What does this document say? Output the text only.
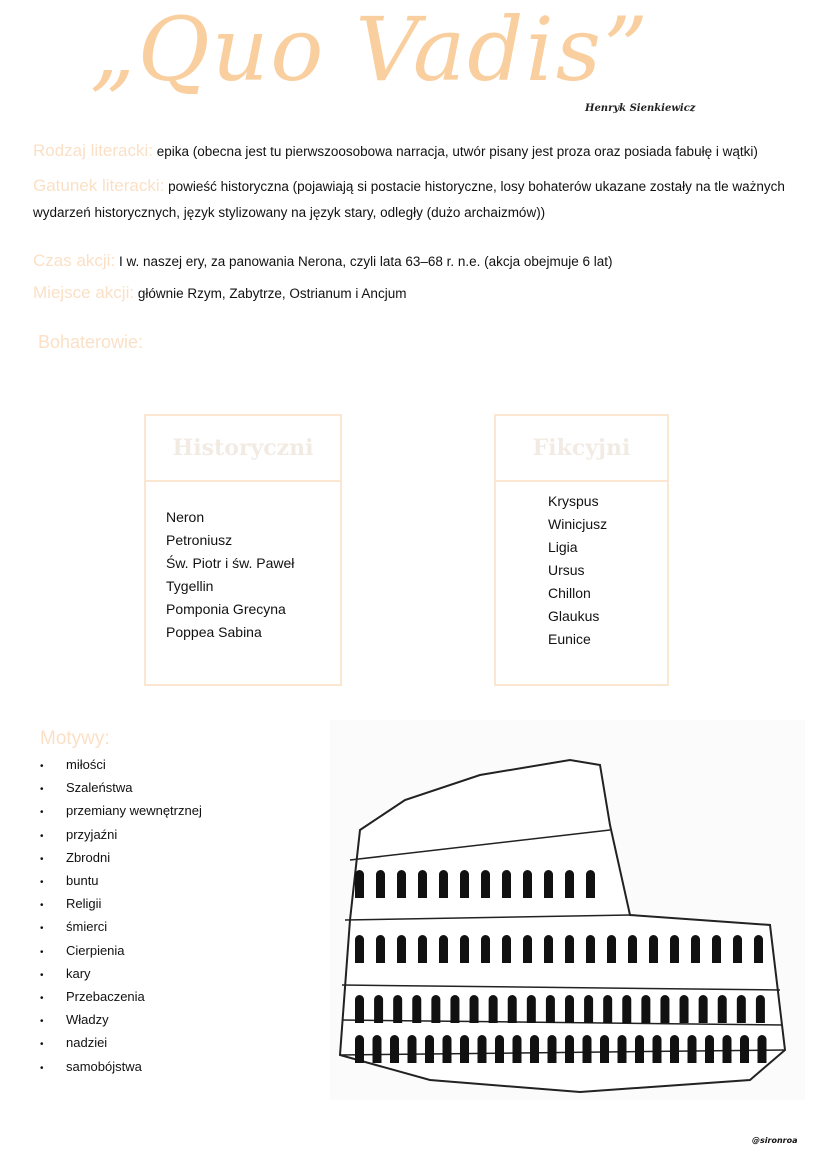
„Quo Vadis”
Henryk Sienkiewicz
Rodzaj literacki: epika (obecna jest tu pierwszoosobowa narracja, utwór pisany jest proza oraz posiada fabułę i wątki)
Gatunek literacki: powieść historyczna (pojawiają si postacie historyczne, losy bohaterów ukazane zostały na tle ważnych wydarzeń historycznych, język stylizowany na język stary, odległy (dużo archaizmów))
Czas akcji: I w. naszej ery, za panowania Nerona, czyli lata 63–68 r. n.e. (akcja obejmuje 6 lat)
Miejsce akcji: głównie Rzym, Zabytrze, Ostrianum i Ancjum
Bohaterowie:
Historyczni
Neron
Petroniusz
Św. Piotr i św. Paweł
Tygellin
Pomponia Grecyna
Poppea Sabina
Fikcyjni
Kryspus
Winicjusz
Ligia
Ursus
Chillon
Glaukus
Eunice
Motywy:
• miłości
• Szaleństwa
• przemiany wewnętrznej
• przyjaźni
• Zbrodni
• buntu
• Religii
• śmierci
• Cierpienia
• kary
• Przebaczenia
• Władzy
• nadziei
• samobójstwa
@sironroa
